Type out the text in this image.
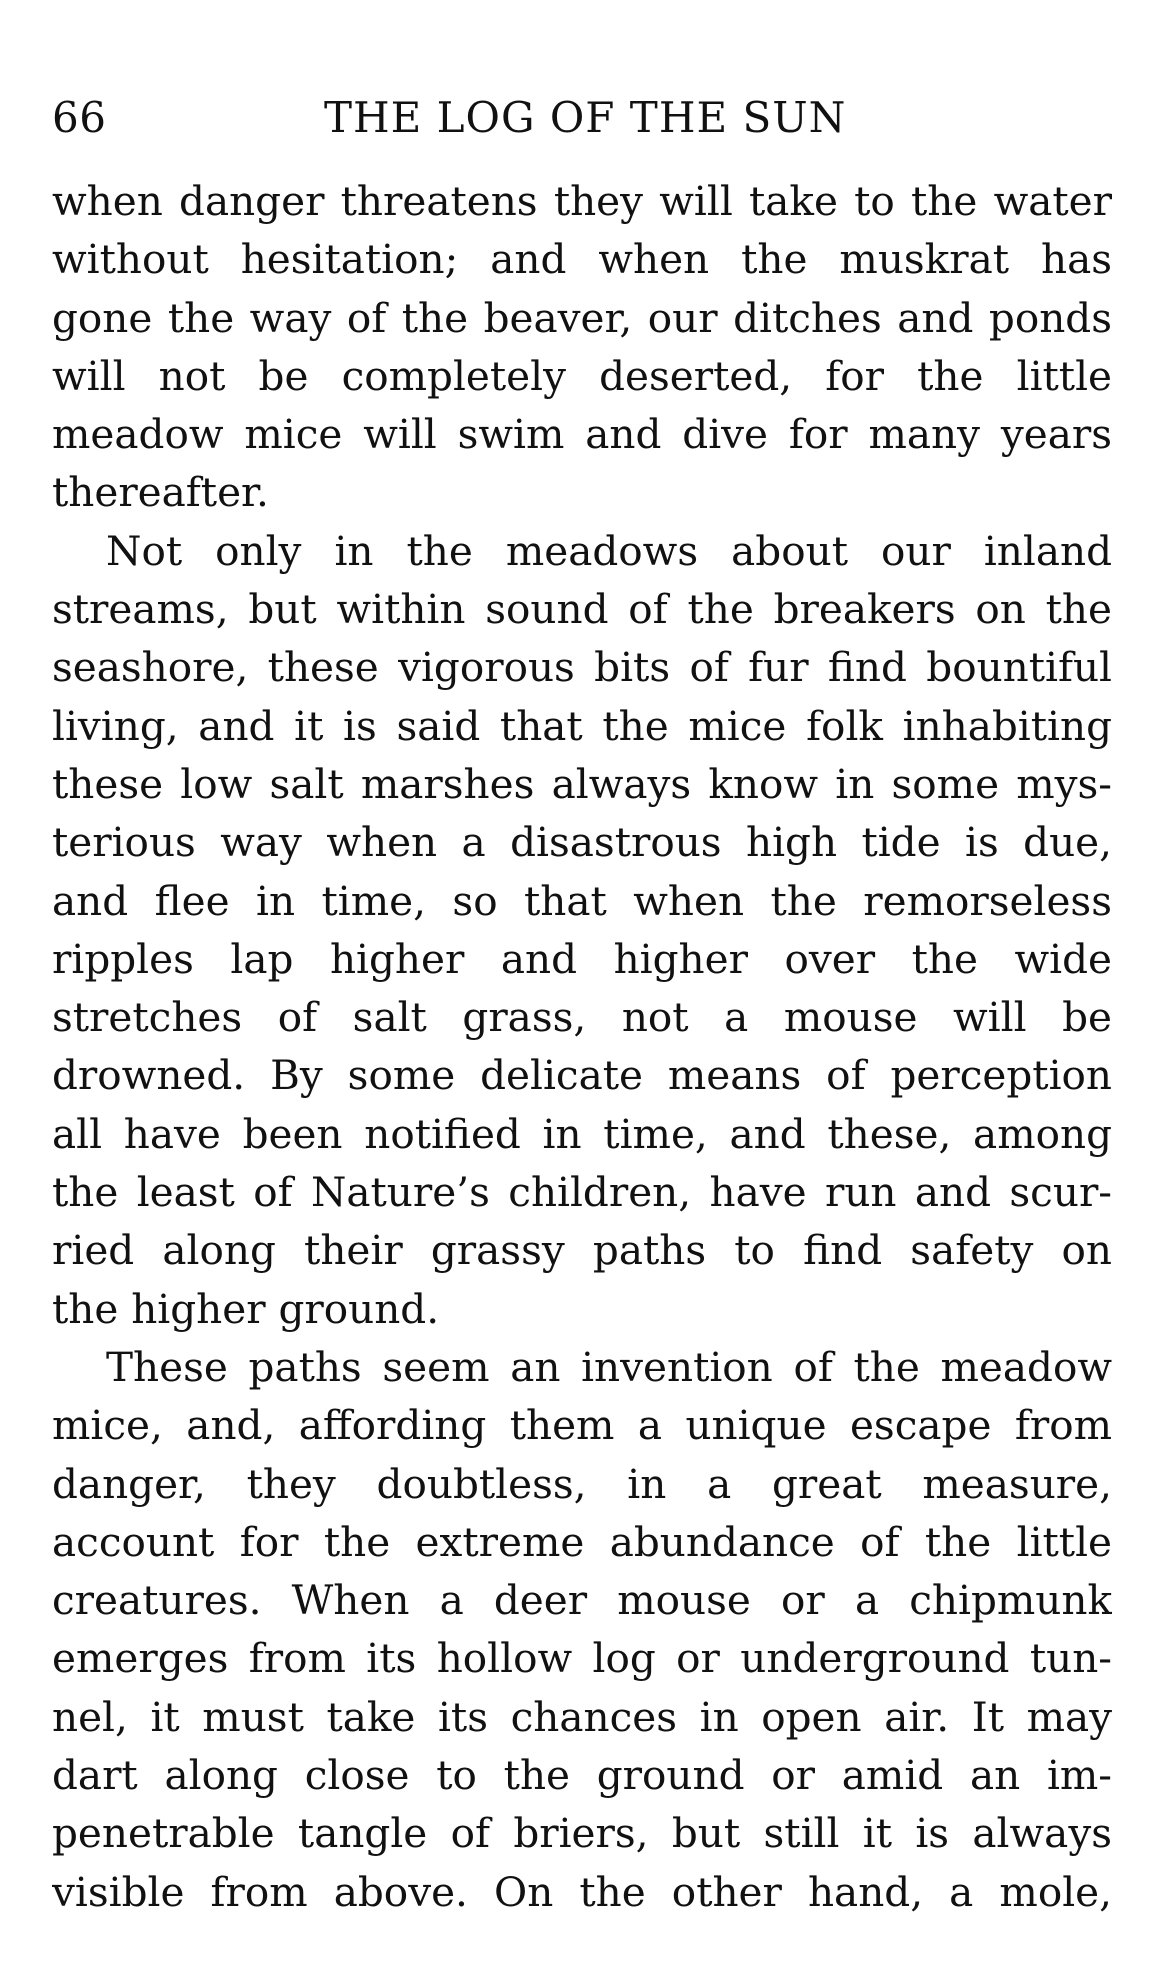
66	THE LOG OF THE SUN
when danger threatens they will take to the water
without hesitation; and when the muskrat has
gone the way of the beaver, our ditches and ponds
will not be completely deserted, for the little
meadow mice will swim and dive for many years
thereafter.
Not only in the meadows about our inland
streams, but within sound of the breakers on the
seashore, these vigorous bits of fur find bountiful
living, and it is said that the mice folk inhabiting
these low salt marshes always know in some mys-
terious way when a disastrous high tide is due,
and flee in time, so that when the remorseless
ripples lap higher and higher over the wide
stretches of salt grass, not a mouse will be
drowned. By some delicate means of perception
all have been notified in time, and these, among
the least of Nature’s children, have run and scur-
ried along their grassy paths to find safety on
the higher ground.
These paths seem an invention of the meadow
mice, and, affording them a unique escape from
danger, they doubtless, in a great measure,
account for the extreme abundance of the little
creatures. When a deer mouse or a chipmunk
emerges from its hollow log or underground tun-
nel, it must take its chances in open air. It may
dart along close to the ground or amid an im-
penetrable tangle of briers, but still it is always
visible from above. On the other hand, a mole,
